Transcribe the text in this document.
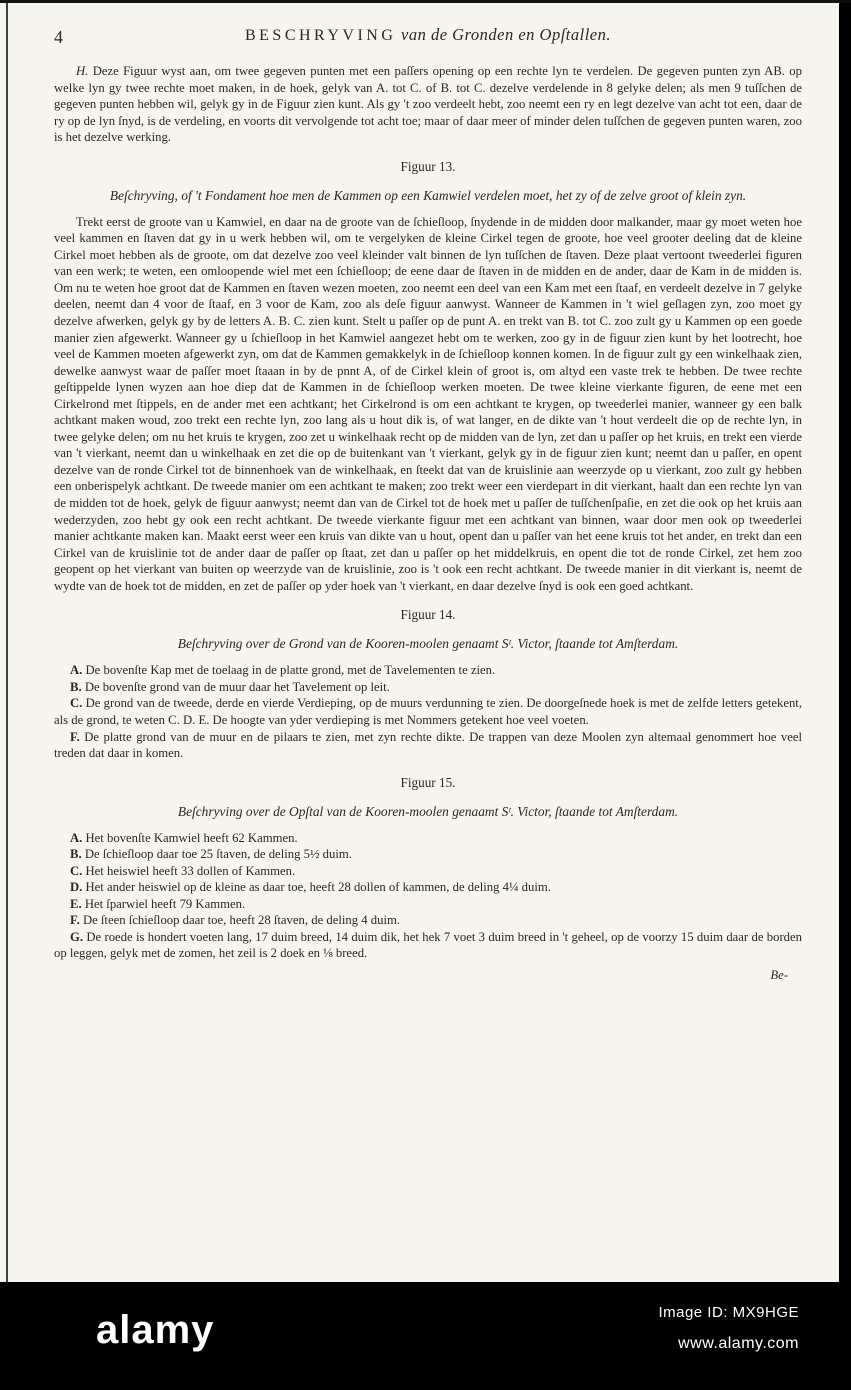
4	BESCHRYVING van de Gronden en Opſtallen.

H. Deze Figuur wyst aan, om twee gegeven punten met een paſſers opening op een rechte lyn te verdelen. De gegeven punten zyn AB. op welke lyn gy twee rechte moet maken, in de hoek, gelyk van A. tot C. of B. tot C. dezelve verdelende in 8 gelyke delen; als men 9 tuſſchen de gegeven punten hebben wil, gelyk gy in de Figuur zien kunt. Als gy 't zoo verdeelt hebt, zoo neemt een ry en legt dezelve van acht tot een, daar de ry op de lyn ſnyd, is de verdeling, en voorts dit vervolgende tot acht toe; maar of daar meer of minder delen tuſſchen de gegeven punten waren, zoo is het dezelve werking.

Figuur 13.
Beſchryving, of 't Fondament hoe men de Kammen op een Kamwiel verdelen moet, het zy of de zelve groot of klein zyn.

Trekt eerst de groote van u Kamwiel, en daar na de groote van de ſchieſloop, ſnydende in de midden door malkander, maar gy moet weten hoe veel kammen en ſtaven dat gy in u werk hebben wil, om te vergelyken de kleine Cirkel tegen de groote, hoe veel grooter deeling dat de kleine Cirkel moet hebben als de groote, om dat dezelve zoo veel kleinder valt binnen de lyn tuſſchen de ſtaven. Deze plaat vertoont tweederlei figuren van een werk; te weten, een omloopende wiel met een ſchieſloop; de eene daar de ſtaven in de midden en de ander, daar de Kam in de midden is. Om nu te weten hoe groot dat de Kammen en ſtaven wezen moeten, zoo neemt een deel van een Kam met een ſtaaf, en verdeelt dezelve in 7 gelyke deelen, neemt dan 4 voor de ſtaaf, en 3 voor de Kam, zoo als deſe figuur aanwyst. Wanneer de Kammen in 't wiel geſlagen zyn, zoo moet gy dezelve afwerken, gelyk gy by de letters A. B. C. zien kunt. Stelt u paſſer op de punt A. en trekt van B. tot C. zoo zult gy u Kammen op een goede manier zien afgewerkt. Wanneer gy u ſchieſloop in het Kamwiel aangezet hebt om te werken, zoo gy in de figuur zien kunt by het lootrecht, hoe veel de Kammen moeten afgewerkt zyn, om dat de Kammen gemakkelyk in de ſchieſloop konnen komen. In de figuur zult gy een winkelhaak zien, dewelke aanwyst waar de paſſer moet ſtaaan in by de pnnt A, of de Cirkel klein of groot is, om altyd een vaste trek te hebben. De twee rechte geſtippelde lynen wyzen aan hoe diep dat de Kammen in de ſchieſloop werken moeten. De twee kleine vierkante figuren, de eene met een Cirkelrond met ſtippels, en de ander met een achtkant; het Cirkelrond is om een achtkant te krygen, op tweederlei manier, wanneer gy een balk achtkant maken woud, zoo trekt een rechte lyn, zoo lang als u hout dik is, of wat langer, en de dikte van 't hout verdeelt die op de rechte lyn, in twee gelyke delen; om nu het kruis te krygen, zoo zet u winkelhaak recht op de midden van de lyn, zet dan u paſſer op het kruis, en trekt een vierde van 't vierkant, neemt dan u winkelhaak en zet die op de buitenkant van 't vierkant, gelyk gy in de figuur zien kunt; neemt dan u paſſer, en opent dezelve van de ronde Cirkel tot de binnenhoek van de winkelhaak, en ſteekt dat van de kruislinie aan weerzyde op u vierkant, zoo zult gy hebben een onberispelyk achtkant. De tweede manier om een achtkant te maken; zoo trekt weer een vierdepart in dit vierkant, haalt dan een rechte lyn van de midden tot de hoek, gelyk de figuur aanwyst; neemt dan van de Cirkel tot de hoek met u paſſer de tuſſchenſpaſie, en zet die ook op het kruis aan wederzyden, zoo hebt gy ook een recht achtkant. De tweede vierkante figuur met een achtkant van binnen, waar door men ook op tweederlei manier achtkante maken kan. Maakt eerst weer een kruis van dikte van u hout, opent dan u paſſer van het eene kruis tot het ander, en trekt dan een Cirkel van de kruislinie tot de ander daar de paſſer op ſtaat, zet dan u paſſer op het middelkruis, en opent die tot de ronde Cirkel, zet hem zoo geopent op het vierkant van buiten op weerzyde van de kruislinie, zoo is 't ook een recht achtkant. De tweede manier in dit vierkant is, neemt de wydte van de hoek tot de midden, en zet de paſſer op yder hoek van 't vierkant, en daar dezelve ſnyd is ook een goed achtkant.

Figuur 14.
Beſchryving over de Grond van de Kooren-moolen genaamt Sᵗ. Victor, ſtaande tot Amſterdam.

A. De bovenſte Kap met de toelaag in de platte grond, met de Tavelementen te zien.

B. De bovenſte grond van de muur daar het Tavelement op leit.

C. De grond van de tweede, derde en vierde Verdieping, op de muurs verdunning te zien. De doorgeſnede hoek is met de zelfde letters getekent, als de grond, te weten C. D. E. De hoogte van yder verdieping is met Nommers getekent hoe veel voeten.

F. De platte grond van de muur en de pilaars te zien, met zyn rechte dikte. De trappen van deze Moolen zyn altemaal genommert hoe veel treden dat daar in komen.

Figuur 15.
Beſchryving over de Opſtal van de Kooren-moolen genaamt Sᵗ. Victor, ſtaande tot Amſterdam.

A. Het bovenſte Kamwiel heeft 62 Kammen.

B. De ſchieſloop daar toe 25 ſtaven, de deling 5½ duim.

C. Het heiswiel heeft 33 dollen of Kammen.

D. Het ander heiswiel op de kleine as daar toe, heeft 28 dollen of kammen, de deling 4¼ duim.

E. Het ſparwiel heeft 79 Kammen.

F. De ſteen ſchieſloop daar toe, heeft 28 ſtaven, de deling 4 duim.

G. De roede is hondert voeten lang, 17 duim breed, 14 duim dik, het hek 7 voet 3 duim breed in 't geheel, op de voorzy 15 duim daar de borden op leggen, gelyk met de zomen, het zeil is 2 doek en ⅛ breed.

Be-
alamy	Image ID: MX9HGE
www.alamy.com
